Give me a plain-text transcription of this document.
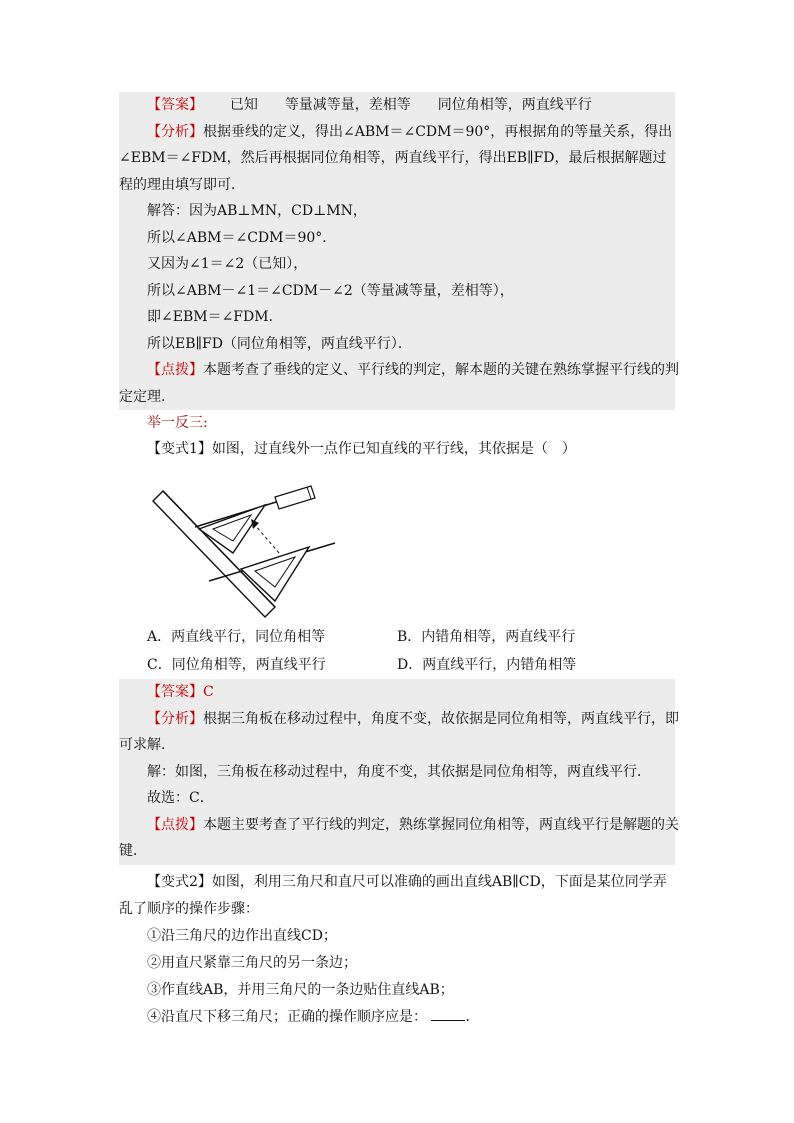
【答案】 已知 等量减等量，差相等 同位角相等，两直线平行
【分析】根据垂线的定义，得出∠ABM＝∠CDM＝90°，再根据角的等量关系，得出
∠EBM＝∠FDM，然后再根据同位角相等，两直线平行，得出EB∥FD，最后根据解题过
程的理由填写即可．
解答：因为AB⊥MN，CD⊥MN，
所以∠ABM＝∠CDM＝90°．
又因为∠1＝∠2（已知），
所以∠ABM－∠1＝∠CDM－∠2（等量减等量，差相等），
即∠EBM＝∠FDM．
所以EB∥FD（同位角相等，两直线平行）．
【点拨】本题考查了垂线的定义、平行线的判定，解本题的关键在熟练掌握平行线的判
定定理．
举一反三:
【变式1】如图，过直线外一点作已知直线的平行线，其依据是（　）
A．两直线平行，同位角相等	B．内错角相等，两直线平行
C．同位角相等，两直线平行	D．两直线平行，内错角相等
【答案】C
【分析】根据三角板在移动过程中，角度不变，故依据是同位角相等，两直线平行，即
可求解．
解：如图，三角板在移动过程中，角度不变，其依据是同位角相等，两直线平行．
故选：C．
【点拨】本题主要考查了平行线的判定，熟练掌握同位角相等，两直线平行是解题的关
键．
【变式2】如图，利用三角尺和直尺可以准确的画出直线AB∥CD，下面是某位同学弄
乱了顺序的操作步骤：
①沿三角尺的边作出直线CD；
②用直尺紧靠三角尺的另一条边；
③作直线AB，并用三角尺的一条边贴住直线AB；
④沿直尺下移三角尺；正确的操作顺序应是：	．
